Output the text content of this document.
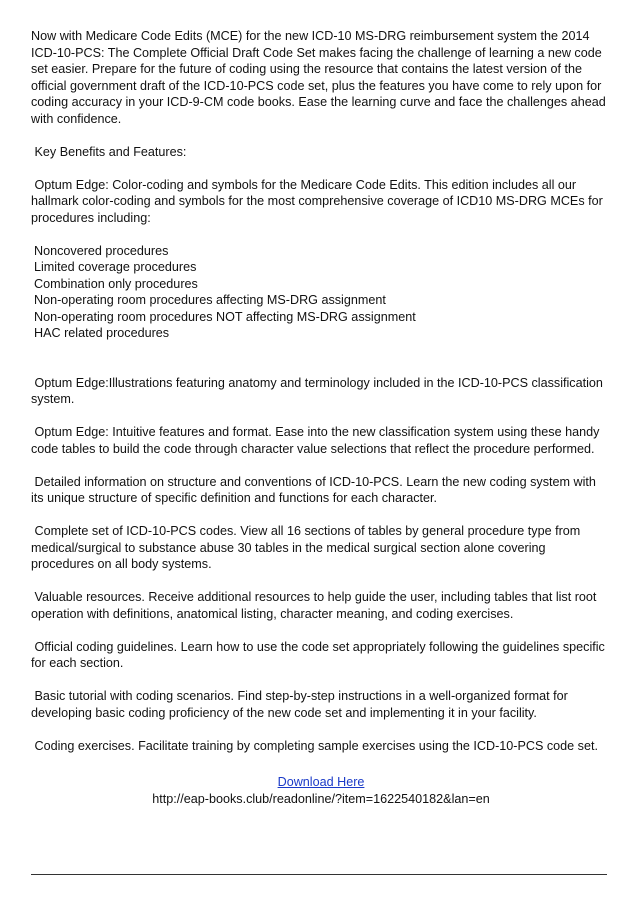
Now with Medicare Code Edits (MCE) for the new ICD-10 MS-DRG reimbursement system the 2014 ICD-10-PCS: The Complete Official Draft Code Set makes facing the challenge of learning a new code set easier. Prepare for the future of coding using the resource that contains the latest version of the official government draft of the ICD-10-PCS code set, plus the features you have come to rely upon for coding accuracy in your ICD-9-CM code books. Ease the learning curve and face the challenges ahead with confidence.

Key Benefits and Features:

Optum Edge: Color-coding and symbols for the Medicare Code Edits. This edition includes all our hallmark color-coding and symbols for the most comprehensive coverage of ICD10 MS-DRG MCEs for procedures including:

Noncovered procedures
Limited coverage procedures
Combination only procedures
Non-operating room procedures affecting MS-DRG assignment
Non-operating room procedures NOT affecting MS-DRG assignment
HAC related procedures

Optum Edge:Illustrations featuring anatomy and terminology included in the ICD-10-PCS classification system.

Optum Edge: Intuitive features and format. Ease into the new classification system using these handy code tables to build the code through character value selections that reflect the procedure performed.

Detailed information on structure and conventions of ICD-10-PCS. Learn the new coding system with its unique structure of specific definition and functions for each character.

Complete set of ICD-10-PCS codes. View all 16 sections of tables by general procedure type from medical/surgical to substance abuse 30 tables in the medical surgical section alone covering procedures on all body systems.

Valuable resources. Receive additional resources to help guide the user, including tables that list root operation with definitions, anatomical listing, character meaning, and coding exercises.

Official coding guidelines. Learn how to use the code set appropriately following the guidelines specific for each section.

Basic tutorial with coding scenarios. Find step-by-step instructions in a well-organized format for developing basic coding proficiency of the new code set and implementing it in your facility.

Coding exercises. Facilitate training by completing sample exercises using the ICD-10-PCS code set.

Download Here
http://eap-books.club/readonline/?item=1622540182&lan=en
